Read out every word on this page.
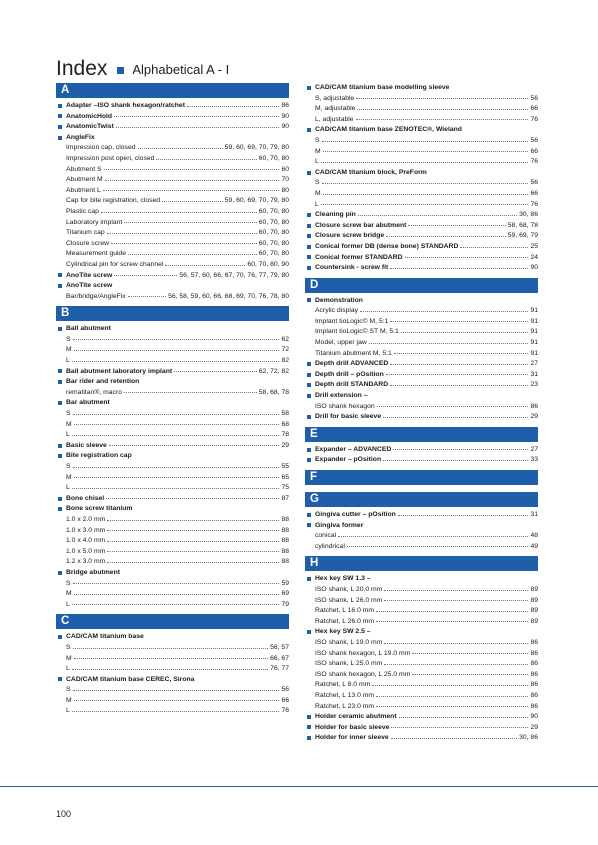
Index Alphabetical A - I
A
Adapter –ISO shank hexagon/ratchet	86
AnatomicHold	90
AnatomicTwist	90
AngleFix
Impression cap, closed	59, 60, 69, 70, 79, 80
Impression post open, closed	60, 70, 80
Abutment S	60
Abutment M	70
Abutment L	80
Cap for bite registration, closed	59, 60, 69, 70, 79, 80
Plastic cap	60, 70, 80
Laboratory implant	60, 70, 80
Titanium cap	60, 70, 80
Closure screw	60, 70, 80
Measurement guide	60, 70, 80
Cylindrical pin for screw channel	60, 70, 80, 90
AnoTite screw	56, 57, 60, 66, 67, 70, 76, 77, 79, 80
AnoTite screw
Bar/bridge/AngleFix	56, 58, 59, 60, 66, 68, 69, 70, 76, 78, 80
B
Ball abutment
S	62
M	72
L	82
Ball abutment laboratory implant	62, 72, 82
Bar rider and retention
rematitan®, macro	58, 68, 78
Bar abutment
S	58
M	68
L	78
Basic sleeve	29
Bite registration cap
S	55
M	65
L	75
Bone chisel	87
Bone screw titanium
1.0 x 2.0 mm	88
1.0 x 3.0 mm	88
1.0 x 4.0 mm	88
1.0 x 5.0 mm	88
1.2 x 3.0 mm	88
Bridge abutment
S	59
M	69
L	79
C
CAD/CAM titanium base
S	56, 57
M	66, 67
L	76, 77
CAD/CAM titanium base CEREC, Sirona
S	56
M	66
L	76
CAD/CAM titanium base modelling sleeve
S, adjustable	56
M, adjustable	66
L, adjustable	76
CAD/CAM titanium base ZENOTEC®, Wieland
S	56
M	66
L	76
CAD/CAM titanium block, PreForm
S	56
M	66
L	76
Cleaning pin	30, 86
Closure screw bar abutment	58, 68, 78
Closure screw bridge	59, 69, 79
Conical former DB (dense bone) STANDARD	25
Conical former STANDARD	24
Countersink - screw fit	90
D
Demonstration
Acrylic display	91
Implant tioLogic© M, 5:1	91
Implant tioLogic© ST M, 5:1	91
Model, upper jaw	91
Titanium abutment M, 5:1	91
Depth drill ADVANCED	27
Depth drill – pOsition	31
Depth drill STANDARD	23
Drill extension –
ISO shank hexagon	86
Drill for basic sleeve	29
E
Expander – ADVANCED	27
Expander – pOsition	33
F
G
Gingiva cutter – pOsition	31
Gingiva former
conical	48
cylindrical	49
H
Hex key SW 1.3 –
ISO shank, L 20.0 mm	89
ISO shank, L 26.0 mm	89
Ratchet, L 16.0 mm	89
Ratchet, L 26.0 mm	89
Hex key SW 2.5 –
ISO shank, L 19.0 mm	86
ISO shank hexagon, L 19.0 mm	86
ISO shank, L 25.0 mm	86
ISO shank hexagon, L 25.0 mm	86
Ratchet, L 8.0 mm	86
Ratchet, L 13.0 mm	86
Ratchet, L 23.0 mm	86
Holder ceramic abutment	90
Holder for basic sleeve	29
Holder for inner sleeve	30, 86
100
